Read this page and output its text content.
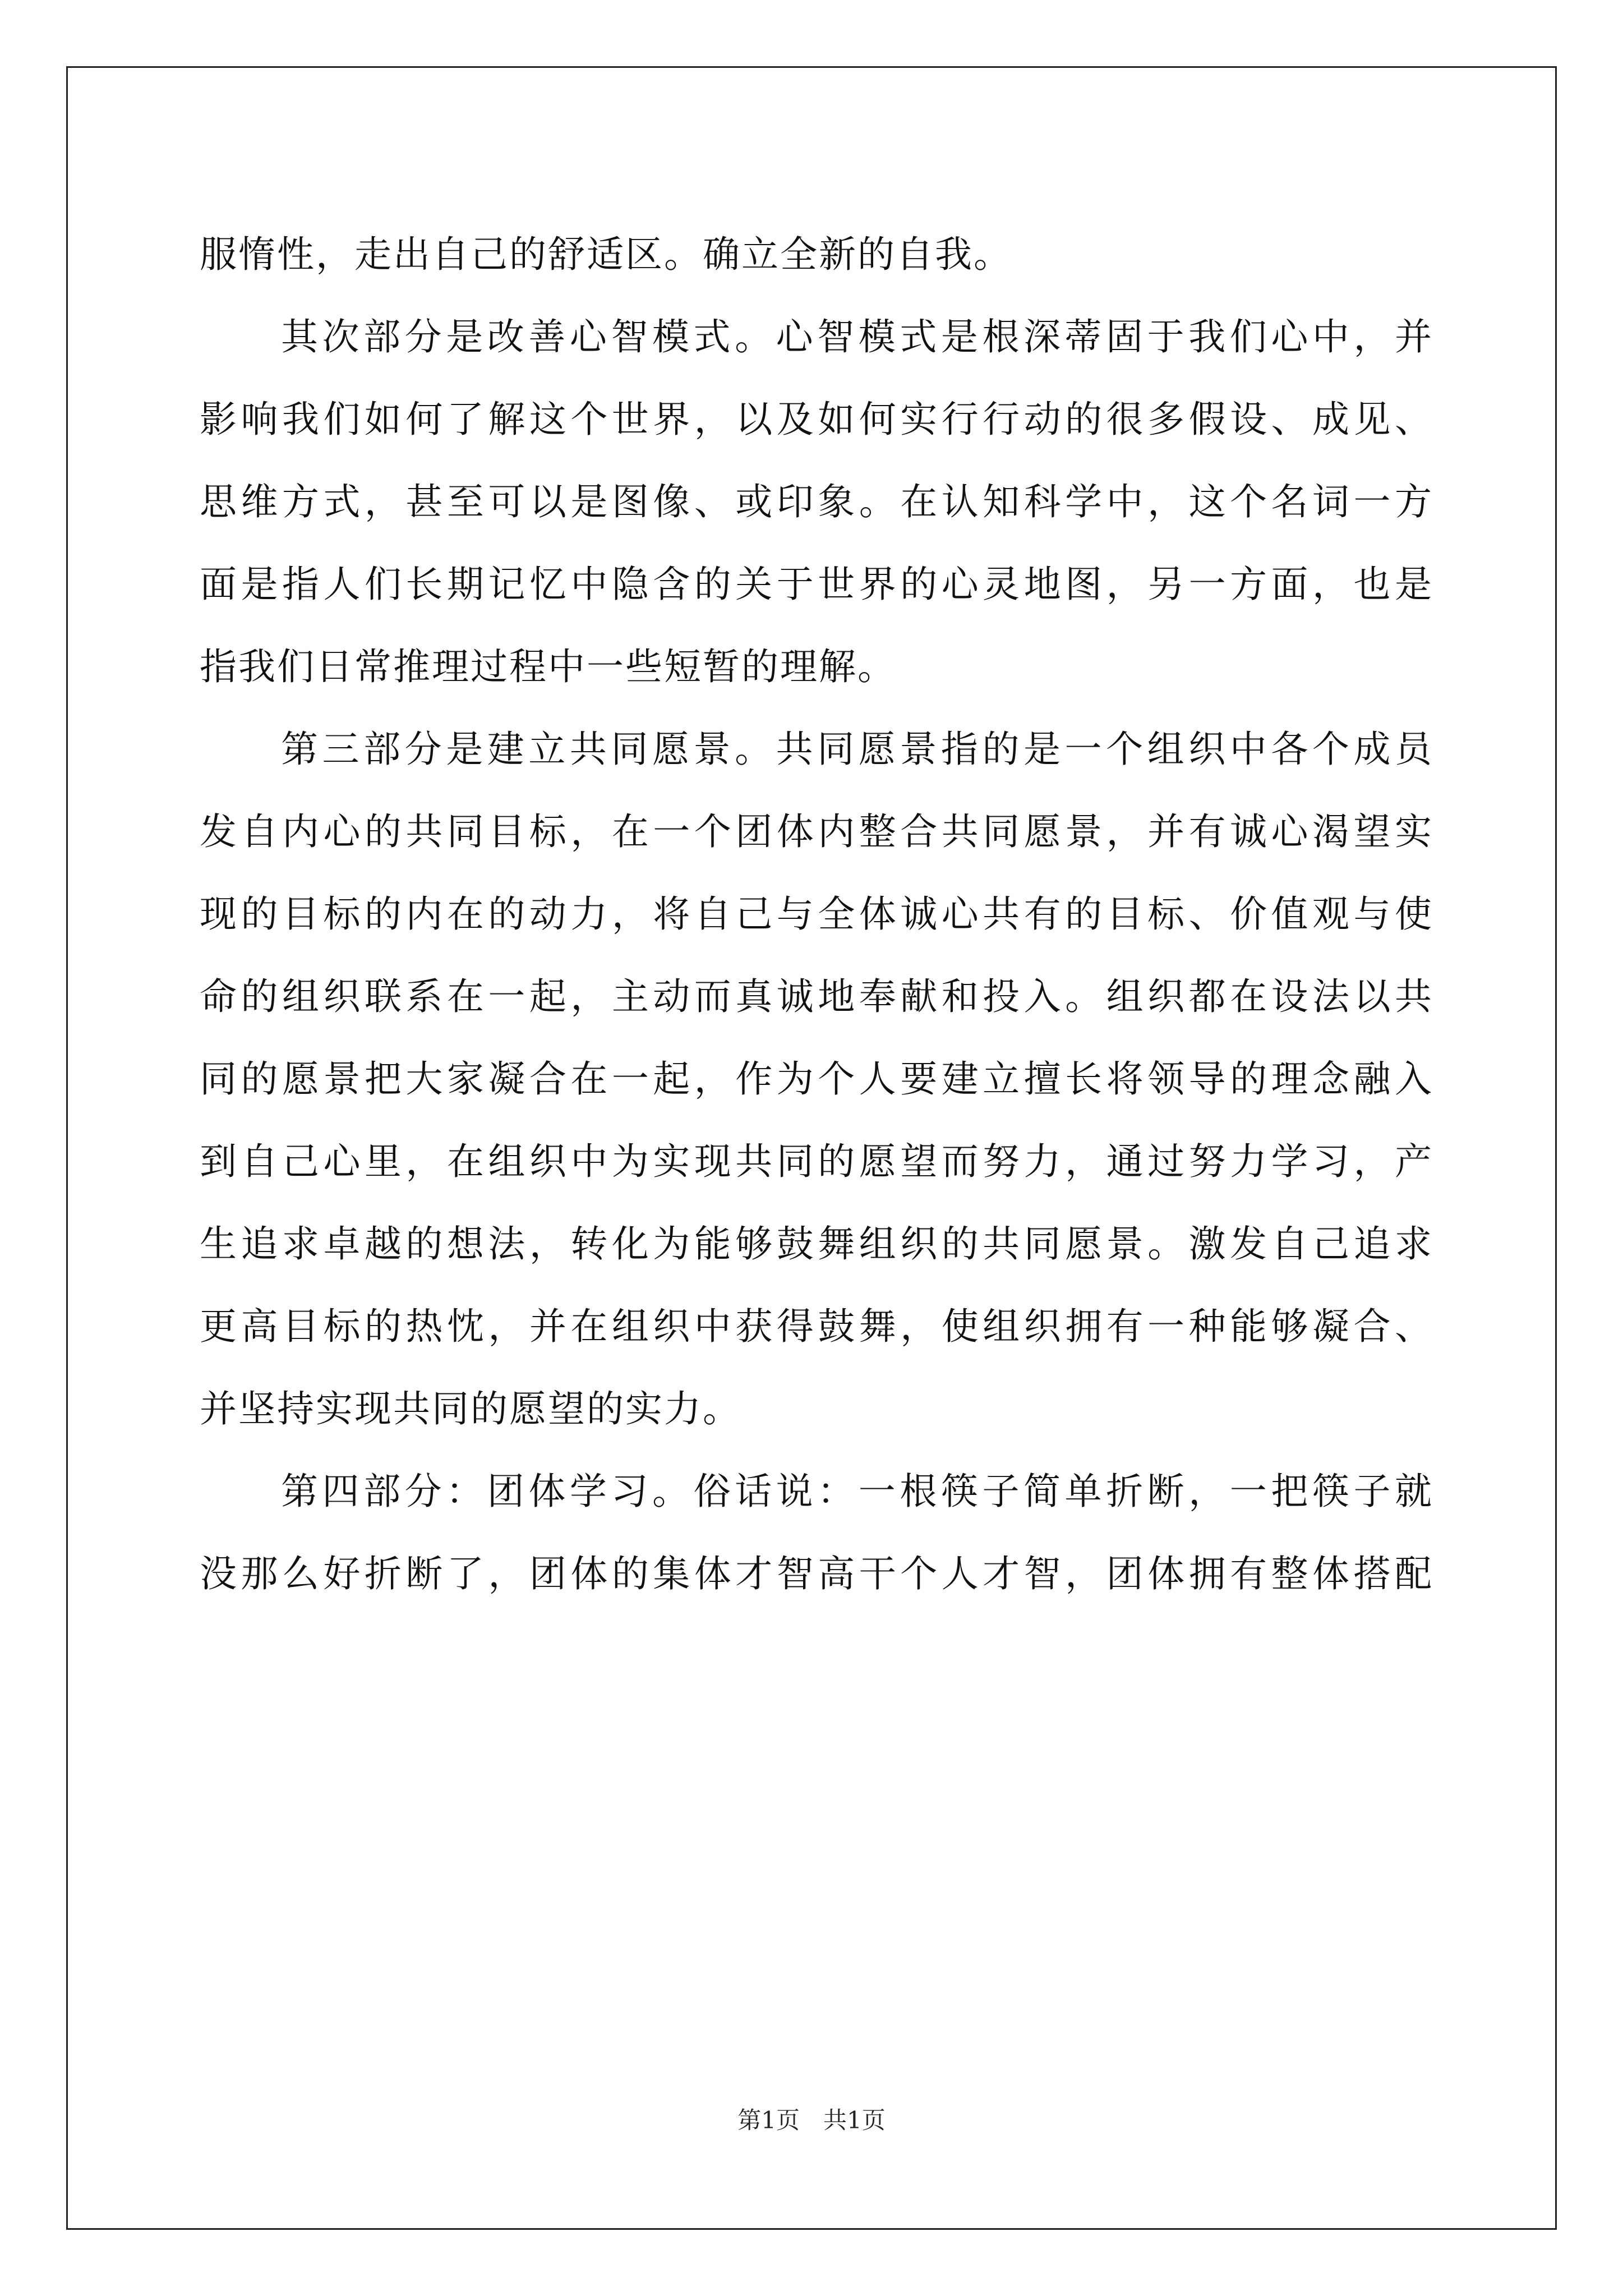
服惰性，走出自己的舒适区。确立全新的自我。
其次部分是改善心智模式。心智模式是根深蒂固于我们心中，并
影响我们如何了解这个世界，以及如何实行行动的很多假设、成见、
思维方式，甚至可以是图像、或印象。在认知科学中，这个名词一方
面是指人们长期记忆中隐含的关于世界的心灵地图，另一方面，也是
指我们日常推理过程中一些短暂的理解。
第三部分是建立共同愿景。共同愿景指的是一个组织中各个成员
发自内心的共同目标，在一个团体内整合共同愿景，并有诚心渴望实
现的目标的内在的动力，将自己与全体诚心共有的目标、价值观与使
命的组织联系在一起，主动而真诚地奉献和投入。组织都在设法以共
同的愿景把大家凝合在一起，作为个人要建立擅长将领导的理念融入
到自己心里，在组织中为实现共同的愿望而努力，通过努力学习，产
生追求卓越的想法，转化为能够鼓舞组织的共同愿景。激发自己追求
更高目标的热忱，并在组织中获得鼓舞，使组织拥有一种能够凝合、
并坚持实现共同的愿望的实力。
第四部分：团体学习。俗话说：一根筷子简单折断，一把筷子就
没那么好折断了，团体的集体才智高干个人才智，团体拥有整体搭配
第1页　共1页
